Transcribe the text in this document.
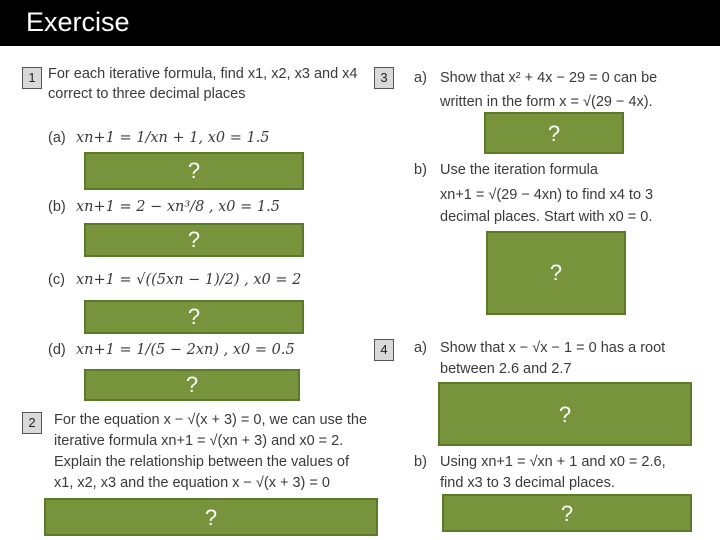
Exercise
1 For each iterative formula, find x1, x2, x3 and x4
correct to three decimal places
(a) xn+1 = 1/xn + 1, x0 = 1.5
?
(b) xn+1 = 2 − xn³/8 , x0 = 1.5
?
(c) xn+1 = √((5xn − 1)/2) , x0 = 2
?
(d) xn+1 = 1/(5 − 2xn) , x0 = 0.5
?
2	For the equation x − √(x + 3) = 0, we can use the
iterative formula xn+1 = √(xn + 3) and x0 = 2.
Explain the relationship between the values of
x1, x2, x3 and the equation x − √(x + 3) = 0
?
3	a) Show that x² + 4x − 29 = 0 can be
written in the form x = √(29 − 4x).
?
b) Use the iteration formula
xn+1 = √(29 − 4xn) to find x4 to 3
decimal places. Start with x0 = 0.
?
4	a) Show that x − √x − 1 = 0 has a root
between 2.6 and 2.7
?
b) Using xn+1 = √xn + 1 and x0 = 2.6,
find x3 to 3 decimal places.
?
